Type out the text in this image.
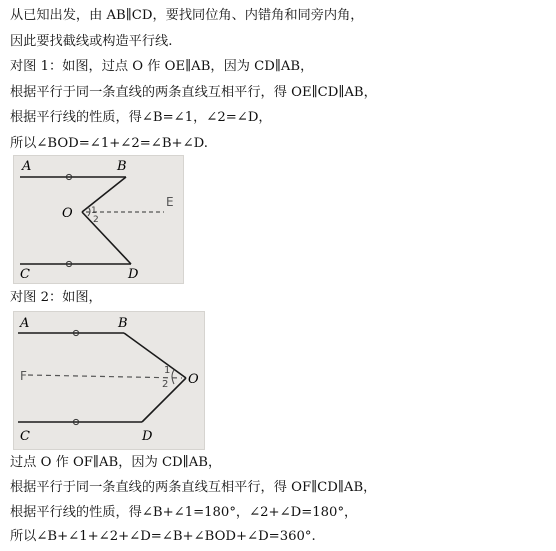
从已知出发，由 AB∥CD，要找同位角、内错角和同旁内角，
因此要找截线或构造平行线.
对图 1：如图，过点 O 作 OE∥AB，因为 CD∥AB，
根据平行于同一条直线的两条直线互相平行，得 OE∥CD∥AB，
根据平行线的性质，得∠B=∠1，∠2=∠D，
所以∠BOD=∠1+∠2=∠B+∠D.
A	B
O
C	D
E
1
2
对图 2：如图，
A	B
O
C	D
F	1
2
过点 O 作 OF∥AB，因为 CD∥AB，
根据平行于同一条直线的两条直线互相平行，得 OF∥CD∥AB，
根据平行线的性质，得∠B+∠1=180°，∠2+∠D=180°，
所以∠B+∠1+∠2+∠D=∠B+∠BOD+∠D=360°.
